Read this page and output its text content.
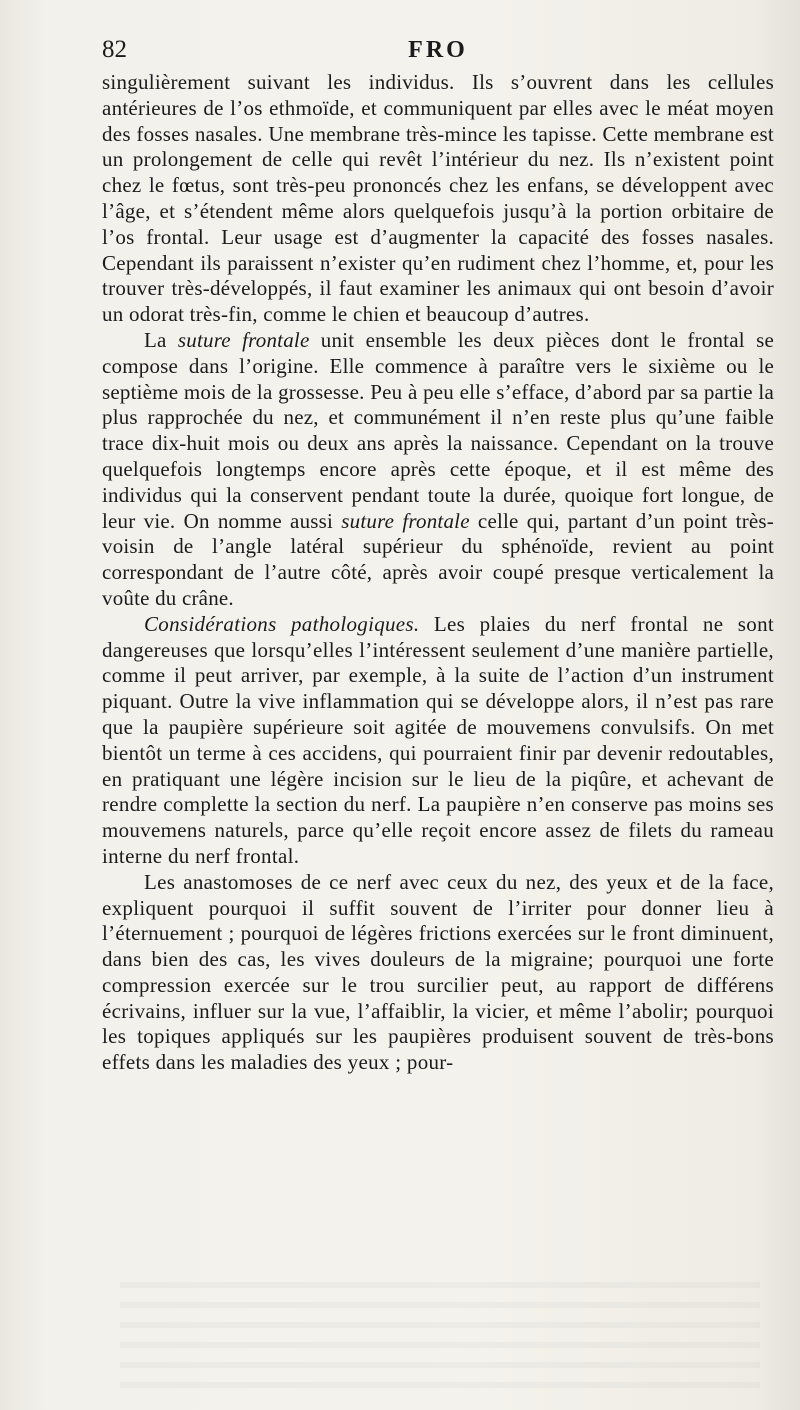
82	FRO

singulièrement suivant les individus. Ils s’ouvrent dans les cellules antérieures de l’os ethmoïde, et communiquent par elles avec le méat moyen des fosses nasales. Une membrane très-mince les tapisse. Cette membrane est un prolongement de celle qui revêt l’intérieur du nez. Ils n’existent point chez le fœtus, sont très-peu prononcés chez les enfans, se développent avec l’âge, et s’étendent même alors quelquefois jusqu’à la portion orbitaire de l’os frontal. Leur usage est d’augmenter la capacité des fosses nasales. Cependant ils paraissent n’exister qu’en rudiment chez l’homme, et, pour les trouver très-développés, il faut examiner les animaux qui ont besoin d’avoir un odorat très-fin, comme le chien et beaucoup d’autres.

La suture frontale unit ensemble les deux pièces dont le frontal se compose dans l’origine. Elle commence à paraître vers le sixième ou le septième mois de la grossesse. Peu à peu elle s’efface, d’abord par sa partie la plus rapprochée du nez, et communément il n’en reste plus qu’une faible trace dix-huit mois ou deux ans après la naissance. Cependant on la trouve quelquefois longtemps encore après cette époque, et il est même des individus qui la conservent pendant toute la durée, quoique fort longue, de leur vie. On nomme aussi suture frontale celle qui, partant d’un point très-voisin de l’angle latéral supérieur du sphénoïde, revient au point correspondant de l’autre côté, après avoir coupé presque verticalement la voûte du crâne.

Considérations pathologiques. Les plaies du nerf frontal ne sont dangereuses que lorsqu’elles l’intéressent seulement d’une manière partielle, comme il peut arriver, par exemple, à la suite de l’action d’un instrument piquant. Outre la vive inflammation qui se développe alors, il n’est pas rare que la paupière supérieure soit agitée de mouvemens convulsifs. On met bientôt un terme à ces accidens, qui pourraient finir par devenir redoutables, en pratiquant une légère incision sur le lieu de la piqûre, et achevant de rendre complette la section du nerf. La paupière n’en conserve pas moins ses mouvemens naturels, parce qu’elle reçoit encore assez de filets du rameau interne du nerf frontal.

Les anastomoses de ce nerf avec ceux du nez, des yeux et de la face, expliquent pourquoi il suffit souvent de l’irriter pour donner lieu à l’éternuement ; pourquoi de légères frictions exercées sur le front diminuent, dans bien des cas, les vives douleurs de la migraine; pourquoi une forte compression exercée sur le trou surcilier peut, au rapport de différens écrivains, influer sur la vue, l’affaiblir, la vicier, et même l’abolir; pourquoi les topiques appliqués sur les paupières produisent souvent de très-bons effets dans les maladies des yeux ; pour-
